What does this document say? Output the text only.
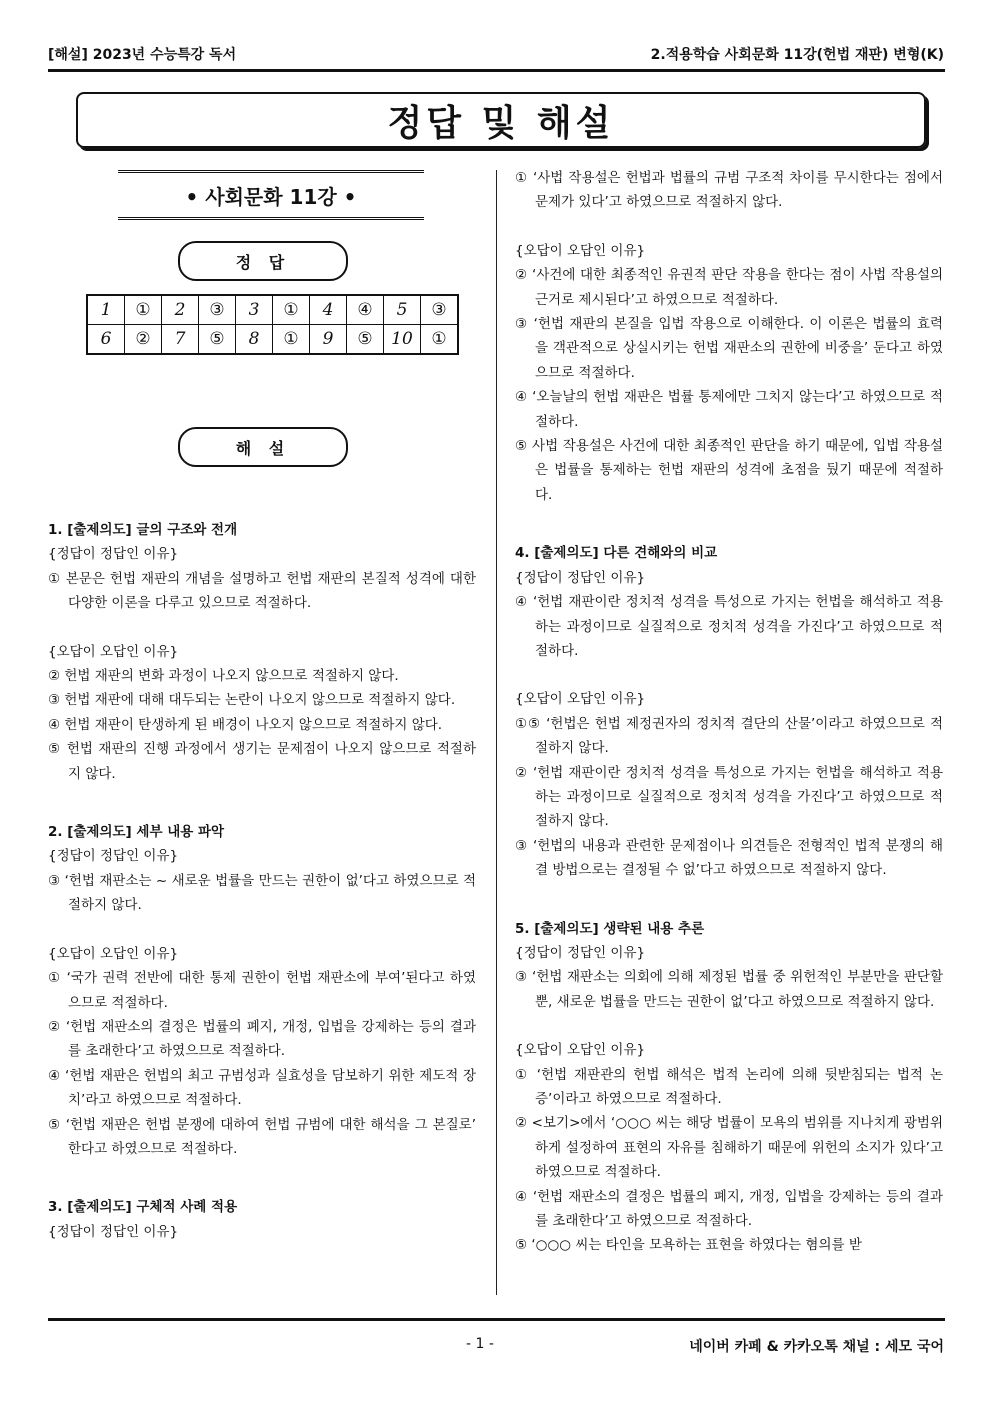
[해설] 2023년 수능특강 독서	2.적용학습 사회문화 11강(헌법 재판) 변형(K)
정답 및 해설
• 사회문화 11강 •
정 답
1	①	2	③	3	①	4	④	5	③
6	②	7	⑤	8	①	9	⑤	10	①
해 설

1. [출제의도] 글의 구조와 전개

{정답이 정답인 이유}

① 본문은 헌법 재판의 개념을 설명하고 헌법 재판의 본질적 성격에 대한 다양한 이론을 다루고 있으므로 적절하다.

{오답이 오답인 이유}

② 헌법 재판의 변화 과정이 나오지 않으므로 적절하지 않다.

③ 헌법 재판에 대해 대두되는 논란이 나오지 않으므로 적절하지 않다.

④ 헌법 재판이 탄생하게 된 배경이 나오지 않으므로 적절하지 않다.

⑤ 헌법 재판의 진행 과정에서 생기는 문제점이 나오지 않으므로 적절하지 않다.

2. [출제의도] 세부 내용 파악

{정답이 정답인 이유}

③ ‘헌법 재판소는 ~ 새로운 법률을 만드는 권한이 없’다고 하였으므로 적절하지 않다.

{오답이 오답인 이유}

① ‘국가 권력 전반에 대한 통제 권한이 헌법 재판소에 부여’된다고 하였으므로 적절하다.

② ‘헌법 재판소의 결정은 법률의 폐지, 개정, 입법을 강제하는 등의 결과를 초래한다’고 하였으므로 적절하다.

④ ‘헌법 재판은 헌법의 최고 규범성과 실효성을 담보하기 위한 제도적 장치’라고 하였으므로 적절하다.

⑤ ‘헌법 재판은 헌법 분쟁에 대하여 헌법 규범에 대한 해석을 그 본질로’ 한다고 하였으므로 적절하다.

3. [출제의도] 구체적 사례 적용

{정답이 정답인 이유}

① ‘사법 작용설은 헌법과 법률의 규범 구조적 차이를 무시한다는 점에서 문제가 있다’고 하였으므로 적절하지 않다.

{오답이 오답인 이유}

② ‘사건에 대한 최종적인 유권적 판단 작용을 한다는 점이 사법 작용설의 근거로 제시된다’고 하였으므로 적절하다.

③ ‘헌법 재판의 본질을 입법 작용으로 이해한다. 이 이론은 법률의 효력을 객관적으로 상실시키는 헌법 재판소의 권한에 비중을’ 둔다고 하였으므로 적절하다.

④ ‘오늘날의 헌법 재판은 법률 통제에만 그치지 않는다’고 하였으므로 적절하다.

⑤ 사법 작용설은 사건에 대한 최종적인 판단을 하기 때문에, 입법 작용설은 법률을 통제하는 헌법 재판의 성격에 초점을 뒀기 때문에 적절하다.

4. [출제의도] 다른 견해와의 비교

{정답이 정답인 이유}

④ ‘헌법 재판이란 정치적 성격을 특성으로 가지는 헌법을 해석하고 적용하는 과정이므로 실질적으로 정치적 성격을 가진다’고 하였으므로 적절하다.

{오답이 오답인 이유}

①⑤ ‘헌법은 헌법 제정권자의 정치적 결단의 산물’이라고 하였으므로 적절하지 않다.

② ‘헌법 재판이란 정치적 성격을 특성으로 가지는 헌법을 해석하고 적용하는 과정이므로 실질적으로 정치적 성격을 가진다’고 하였으므로 적절하지 않다.

③ ‘헌법의 내용과 관련한 문제점이나 의견들은 전형적인 법적 분쟁의 해결 방법으로는 결정될 수 없’다고 하였으므로 적절하지 않다.

5. [출제의도] 생략된 내용 추론

{정답이 정답인 이유}

③ ‘헌법 재판소는 의회에 의해 제정된 법률 중 위헌적인 부분만을 판단할 뿐, 새로운 법률을 만드는 권한이 없’다고 하였으므로 적절하지 않다.

{오답이 오답인 이유}

① ‘헌법 재판관의 헌법 해석은 법적 논리에 의해 뒷받침되는 법적 논증’이라고 하였으므로 적절하다.

② <보기>에서 ‘○○○ 씨는 해당 법률이 모욕의 범위를 지나치게 광범위하게 설정하여 표현의 자유를 침해하기 때문에 위헌의 소지가 있다’고 하였으므로 적절하다.

④ ‘헌법 재판소의 결정은 법률의 폐지, 개정, 입법을 강제하는 등의 결과를 초래한다’고 하였으므로 적절하다.

⑤ ‘○○○ 씨는 타인을 모욕하는 표현을 하였다는 혐의를 받

- 1 -	네이버 카페 & 카카오톡 채널 : 세모 국어
